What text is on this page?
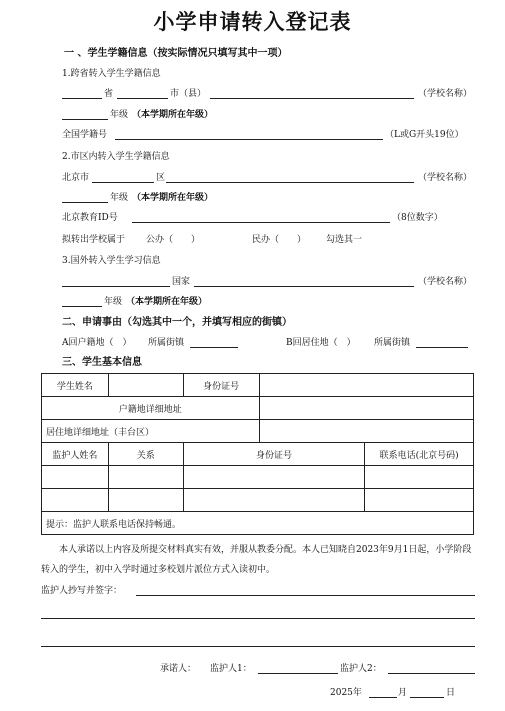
小学申请转入登记表
一 、学生学籍信息（按实际情况只填写其中一项）
1.跨省转入学生学籍信息
省	市（县）	（学校名称）
年级 （本学期所在年级）
全国学籍号	（L或G开头19位）
2.市区内转入学生学籍信息
北京市	区	（学校名称）
年级 （本学期所在年级）
北京教育ID号	（8位数字）
拟转出学校属于 公办（　　）	民办（　　） 勾选其一
3.国外转入学生学习信息
国家	（学校名称）
年级 （本学期所在年级）
二、申请事由（勾选其中一个，并填写相应的街镇）
A回户籍地（　） 所属街镇	B回居住地（　） 所属街镇
三、学生基本信息
学生姓名		身份证号		
户籍地详细地址				
居住地详细地址（丰台区）				
监护人姓名	关系	身份证号		联系电话(北京号码)

提示：监护人联系电话保持畅通。				
本人承诺以上内容及所提交材料真实有效，并服从教委分配。本人已知晓自2023年9月1日起，小学阶段转入的学生，初中入学时通过多校划片派位方式入读初中。
监护人抄写并签字：
承诺人： 监护人1：	监护人2：
2025年	月	日
